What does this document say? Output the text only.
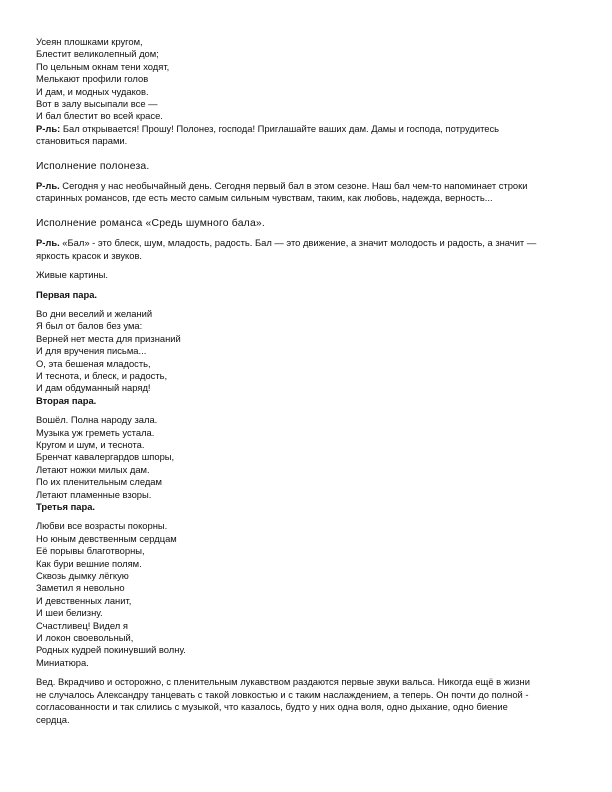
Усеян плошками кругом,
Блестит великолепный дом;
По цельным окнам тени ходят,
Мелькают профили голов
И дам, и модных чудаков.
Вот в залу высыпали все —
И бал блестит во всей красе.
Р-ль: Бал открывается! Прошу! Полонез, господа! Приглашайте ваших дам. Дамы и господа, потрудитесь
становиться парами.
Исполнение полонеза.
Р-ль. Сегодня у нас необычайный день. Сегодня первый бал в этом сезоне. Наш бал чем-то напоминает строки
старинных романсов, где есть место самым сильным чувствам, таким, как любовь, надежда, верность...
Исполнение романса «Средь шумного бала».
Р-ль. «Бал» - это блеск, шум, младость, радость. Бал — это движение, а значит молодость и радость, а значит —
яркость красок и звуков.
Живые картины.
Первая пара.
Во дни веселий и желаний
Я был от балов без ума:
Верней нет места для признаний
И для вручения письма...
О, эта бешеная младость,
И теснота, и блеск, и радость,
И дам обдуманный наряд!
Вторая пара.
Вошёл. Полна народу зала.
Музыка уж греметь устала.
Кругом и шум, и теснота.
Бренчат кавалергардов шпоры,
Летают ножки милых дам.
По их пленительным следам
Летают пламенные взоры.
Третья пара.
Любви все возрасты покорны.
Но юным девственным сердцам
Её порывы благотворны,
Как бури вешние полям.
Сквозь дымку лёгкую
Заметил я невольно
И девственных ланит,
И шеи белизну.
Счастливец! Видел я
И локон своевольный,
Родных кудрей покинувший волну.
Миниатюра.
Вед. Вкрадчиво и осторожно, с пленительным лукавством раздаются первые звуки вальса. Никогда ещё в жизни
не случалось Александру танцевать с такой ловкостью и с таким наслаждением, а теперь. Он почти до полной -
согласованности и так слились с музыкой, что казалось, будто у них одна воля, одно дыхание, одно биение
сердца.
